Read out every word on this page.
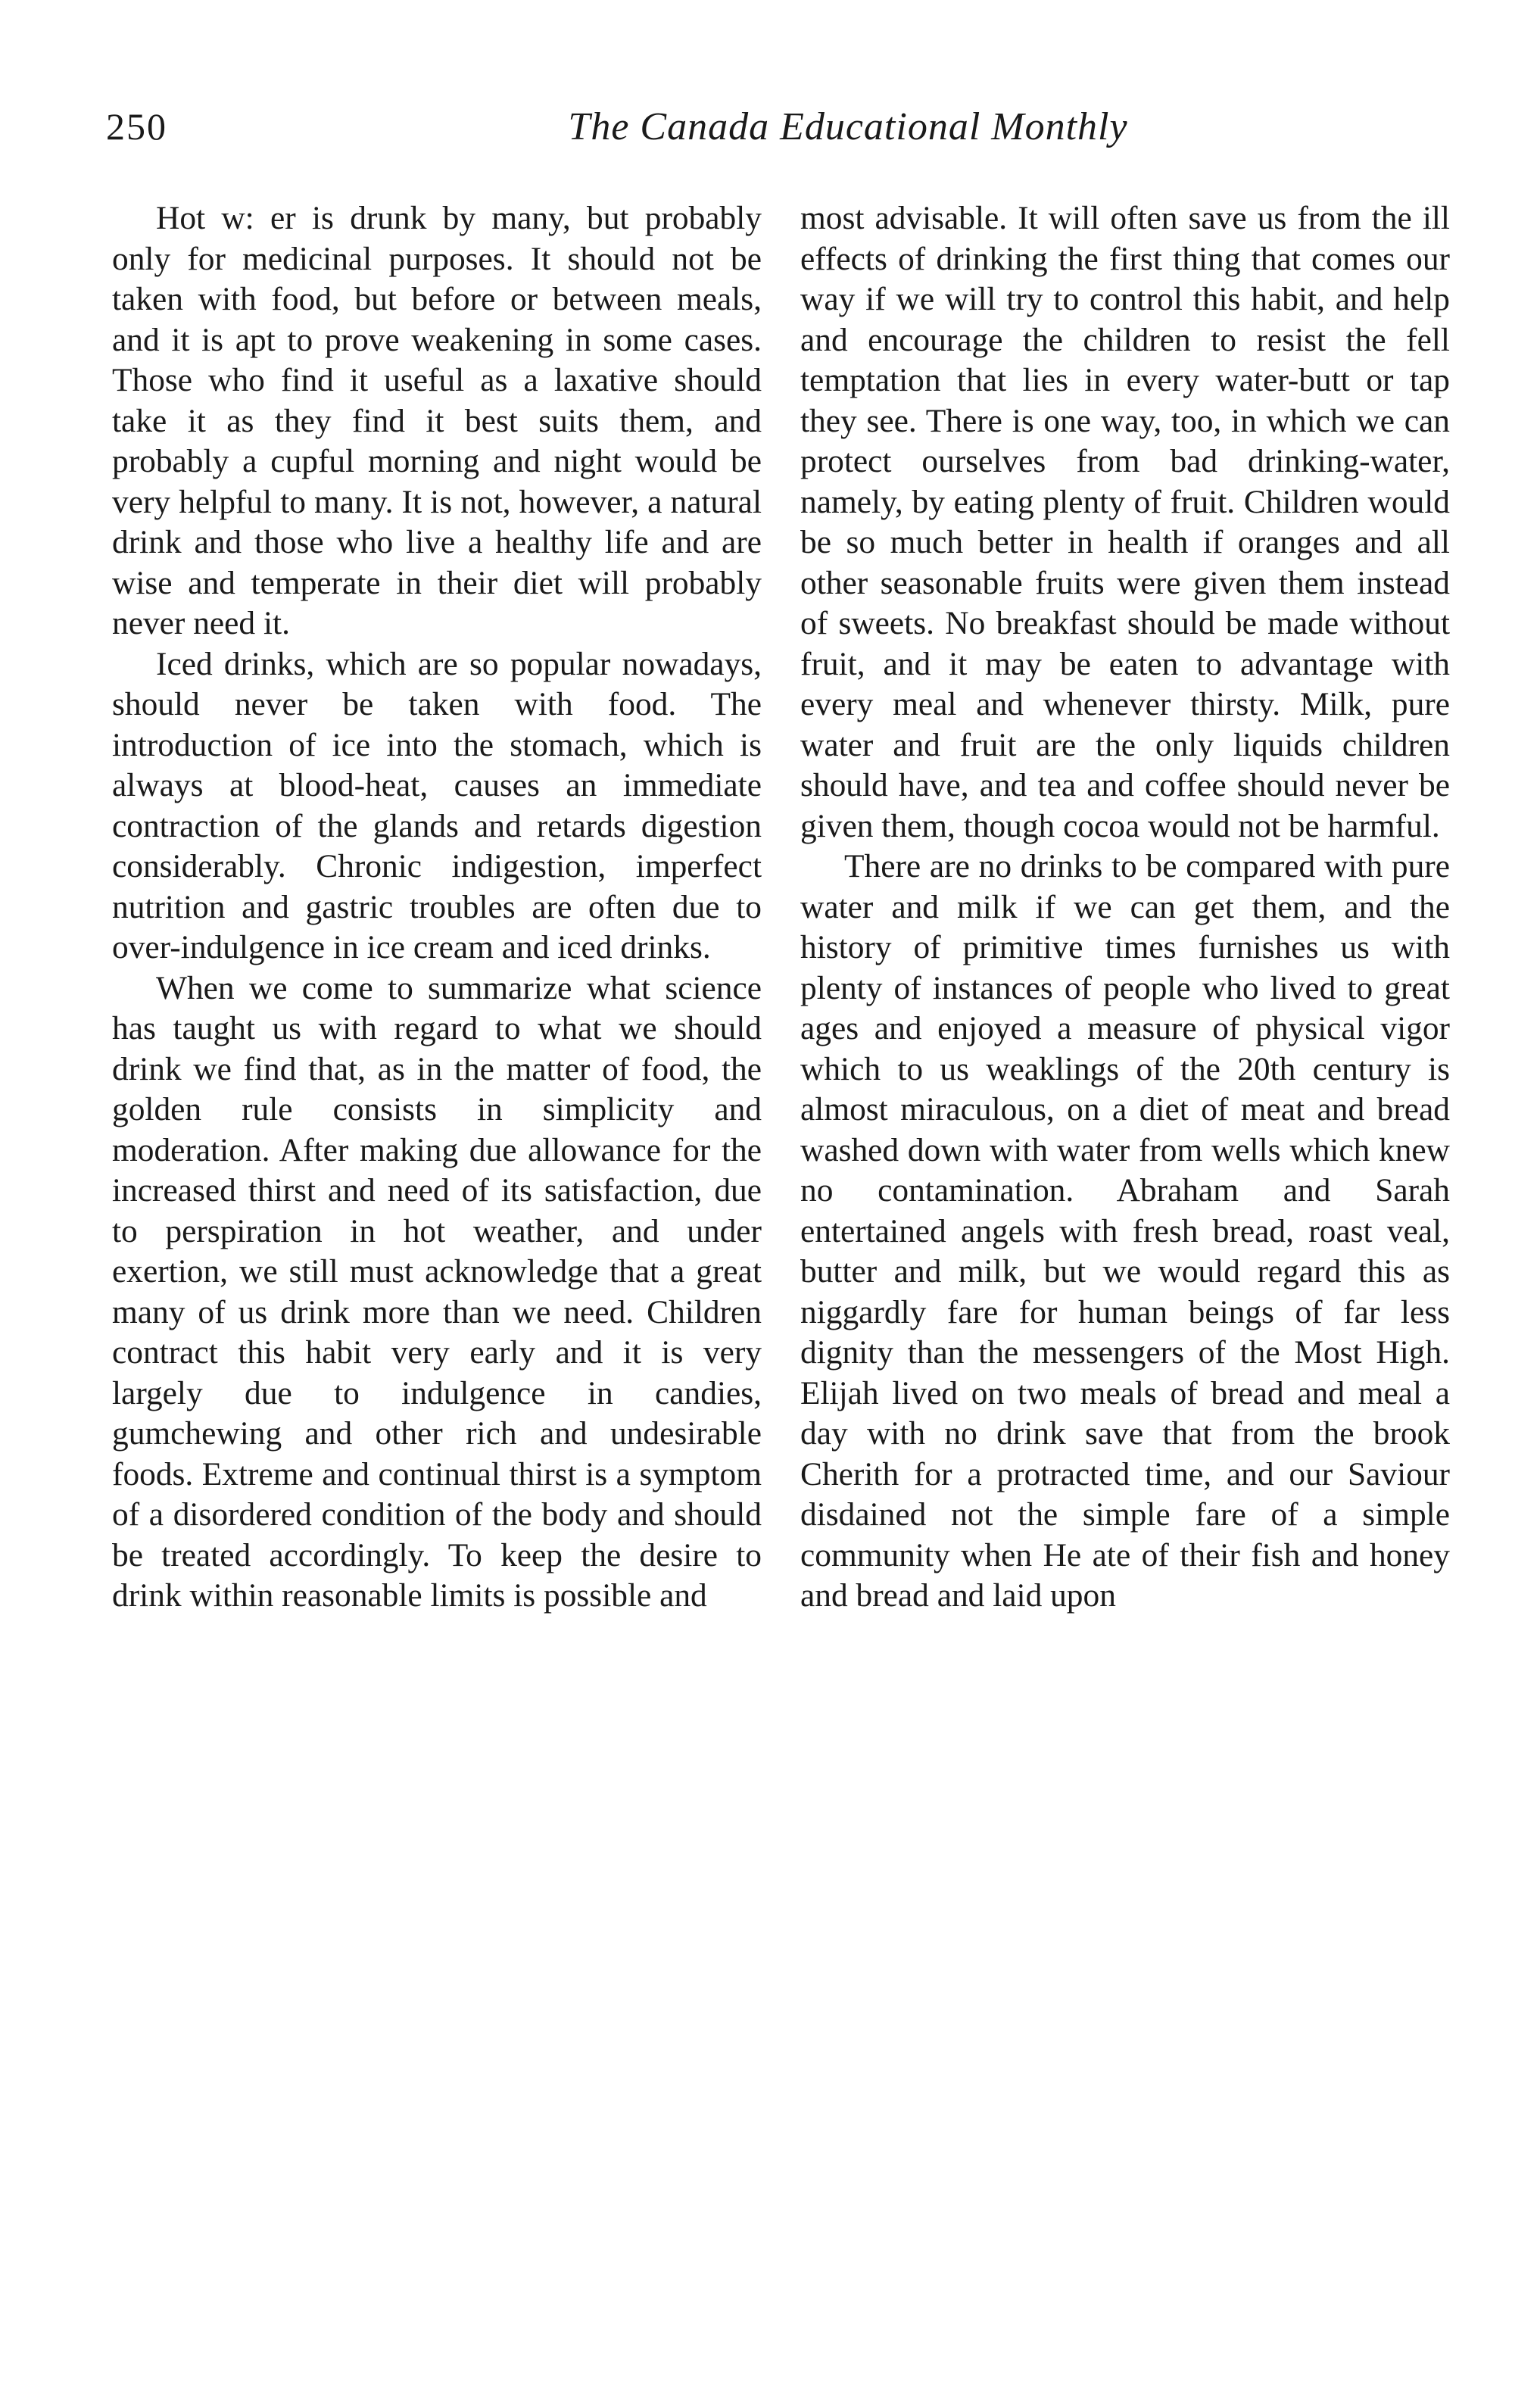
250	The Canada Educational Monthly

Hot w: er is drunk by many, but probably only for medicinal purposes. It should not be taken with food, but before or between meals, and it is apt to prove weakening in some cases. Those who find it useful as a laxative should take it as they find it best suits them, and probably a cupful morning and night would be very helpful to many. It is not, however, a natural drink and those who live a healthy life and are wise and temperate in their diet will probably never need it.

Iced drinks, which are so popular nowadays, should never be taken with food. The introduction of ice into the stomach, which is always at blood-heat, causes an immediate contraction of the glands and retards digestion considerably. Chronic indigestion, imperfect nutrition and gastric troubles are often due to over-indulgence in ice cream and iced drinks.

When we come to summarize what science has taught us with regard to what we should drink we find that, as in the matter of food, the golden rule consists in simplicity and moderation. After making due allowance for the increased thirst and need of its satisfaction, due to perspiration in hot weather, and under exertion, we still must acknowledge that a great many of us drink more than we need. Children contract this habit very early and it is very largely due to indulgence in candies, gumchewing and other rich and undesirable foods. Extreme and continual thirst is a symptom of a disordered condition of the body and should be treated accordingly. To keep the desire to drink within reasonable limits is possible and

most advisable. It will often save us from the ill effects of drinking the first thing that comes our way if we will try to control this habit, and help and encourage the children to resist the fell temptation that lies in every water-butt or tap they see. There is one way, too, in which we can protect ourselves from bad drinking-water, namely, by eating plenty of fruit. Children would be so much better in health if oranges and all other seasonable fruits were given them instead of sweets. No breakfast should be made without fruit, and it may be eaten to advantage with every meal and whenever thirsty. Milk, pure water and fruit are the only liquids children should have, and tea and coffee should never be given them, though cocoa would not be harmful.

There are no drinks to be compared with pure water and milk if we can get them, and the history of primitive times furnishes us with plenty of instances of people who lived to great ages and enjoyed a measure of physical vigor which to us weaklings of the 20th century is almost miraculous, on a diet of meat and bread washed down with water from wells which knew no contamination. Abraham and Sarah entertained angels with fresh bread, roast veal, butter and milk, but we would regard this as niggardly fare for human beings of far less dignity than the messengers of the Most High. Elijah lived on two meals of bread and meal a day with no drink save that from the brook Cherith for a protracted time, and our Saviour disdained not the simple fare of a simple community when He ate of their fish and honey and bread and laid upon
